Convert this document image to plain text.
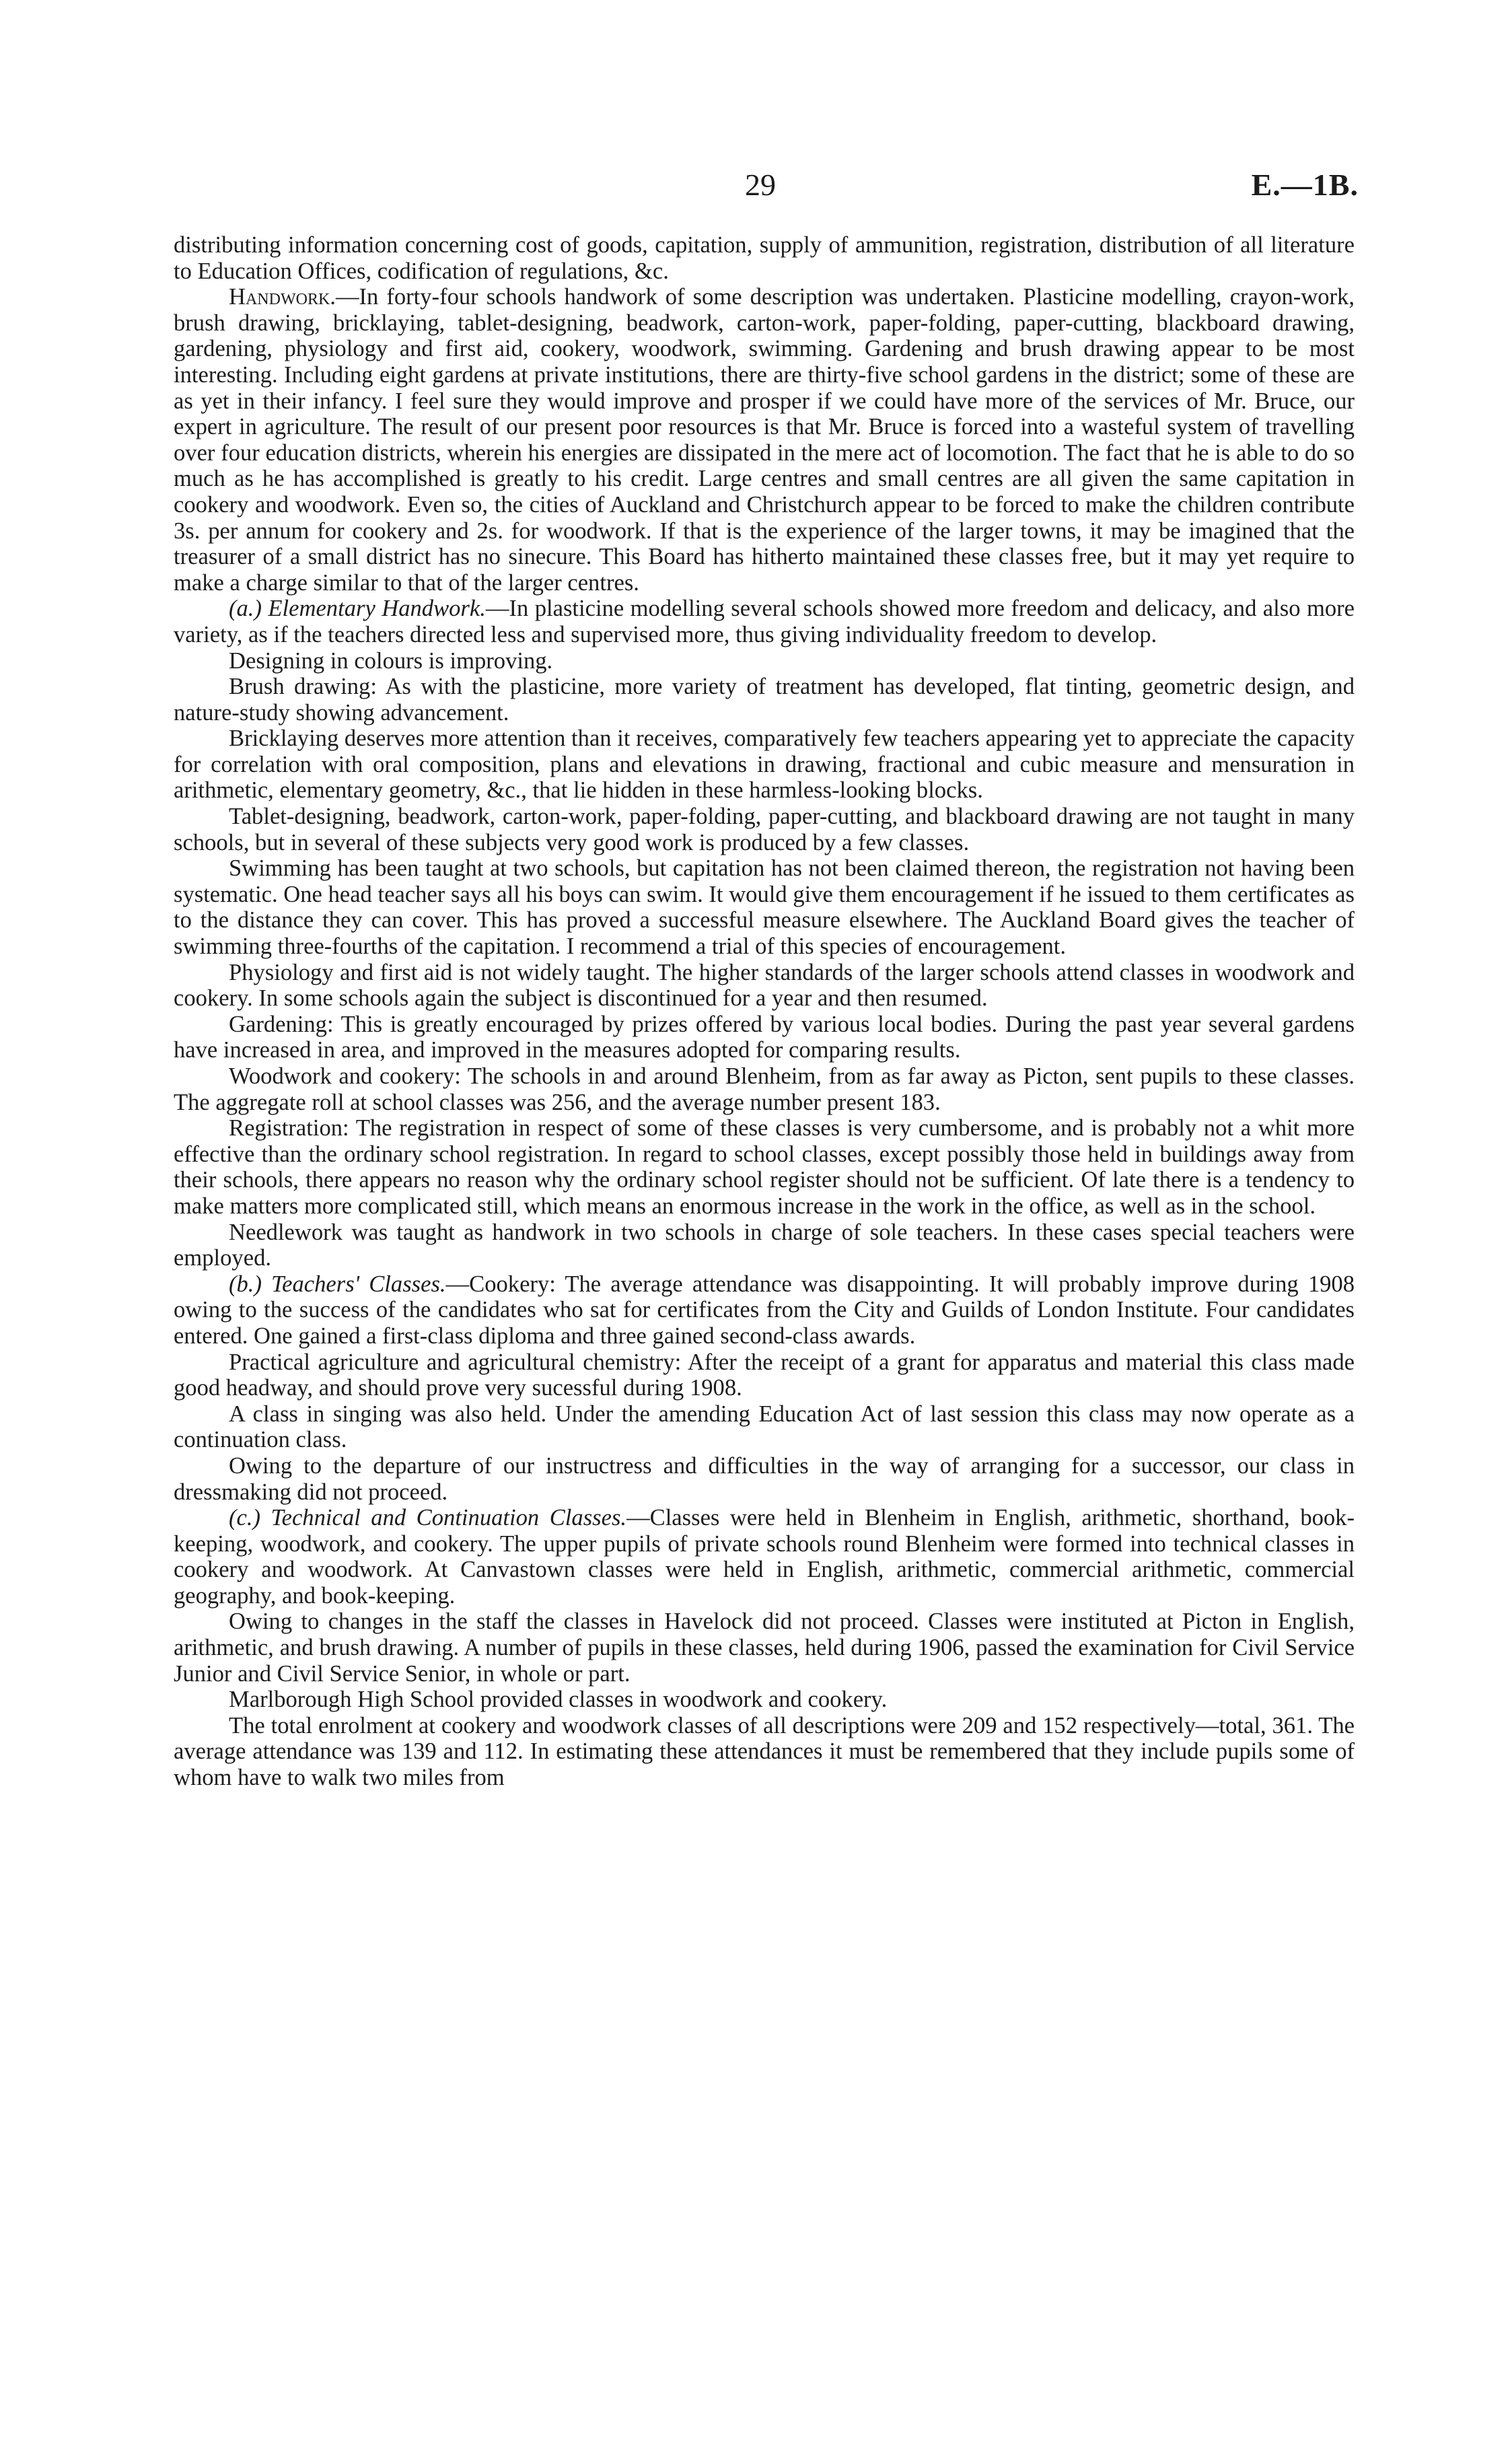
29	E.—1B.

distributing information concerning cost of goods, capitation, supply of ammunition, registration, distribution of all literature to Education Offices, codification of regulations, &c.

Handwork.—In forty-four schools handwork of some description was undertaken. Plasticine modelling, crayon-work, brush drawing, bricklaying, tablet-designing, beadwork, carton-work, paper-folding, paper-cutting, blackboard drawing, gardening, physiology and first aid, cookery, woodwork, swimming. Gardening and brush drawing appear to be most interesting. Including eight gardens at private institutions, there are thirty-five school gardens in the district; some of these are as yet in their infancy. I feel sure they would improve and prosper if we could have more of the services of Mr. Bruce, our expert in agriculture. The result of our present poor resources is that Mr. Bruce is forced into a wasteful system of travelling over four education districts, wherein his energies are dissipated in the mere act of locomotion. The fact that he is able to do so much as he has accomplished is greatly to his credit. Large centres and small centres are all given the same capitation in cookery and woodwork. Even so, the cities of Auckland and Christchurch appear to be forced to make the children contribute 3s. per annum for cookery and 2s. for woodwork. If that is the experience of the larger towns, it may be imagined that the treasurer of a small district has no sinecure. This Board has hitherto maintained these classes free, but it may yet require to make a charge similar to that of the larger centres.

(a.) Elementary Handwork.—In plasticine modelling several schools showed more freedom and delicacy, and also more variety, as if the teachers directed less and supervised more, thus giving individuality freedom to develop.

Designing in colours is improving.

Brush drawing: As with the plasticine, more variety of treatment has developed, flat tinting, geometric design, and nature-study showing advancement.

Bricklaying deserves more attention than it receives, comparatively few teachers appearing yet to appreciate the capacity for correlation with oral composition, plans and elevations in drawing, fractional and cubic measure and mensuration in arithmetic, elementary geometry, &c., that lie hidden in these harmless-looking blocks.

Tablet-designing, beadwork, carton-work, paper-folding, paper-cutting, and blackboard drawing are not taught in many schools, but in several of these subjects very good work is produced by a few classes.

Swimming has been taught at two schools, but capitation has not been claimed thereon, the registration not having been systematic. One head teacher says all his boys can swim. It would give them encouragement if he issued to them certificates as to the distance they can cover. This has proved a successful measure elsewhere. The Auckland Board gives the teacher of swimming three-fourths of the capitation. I recommend a trial of this species of encouragement.

Physiology and first aid is not widely taught. The higher standards of the larger schools attend classes in woodwork and cookery. In some schools again the subject is discontinued for a year and then resumed.

Gardening: This is greatly encouraged by prizes offered by various local bodies. During the past year several gardens have increased in area, and improved in the measures adopted for comparing results.

Woodwork and cookery: The schools in and around Blenheim, from as far away as Picton, sent pupils to these classes. The aggregate roll at school classes was 256, and the average number present 183.

Registration: The registration in respect of some of these classes is very cumbersome, and is probably not a whit more effective than the ordinary school registration. In regard to school classes, except possibly those held in buildings away from their schools, there appears no reason why the ordinary school register should not be sufficient. Of late there is a tendency to make matters more complicated still, which means an enormous increase in the work in the office, as well as in the school.

Needlework was taught as handwork in two schools in charge of sole teachers. In these cases special teachers were employed.

(b.) Teachers' Classes.—Cookery: The average attendance was disappointing. It will probably improve during 1908 owing to the success of the candidates who sat for certificates from the City and Guilds of London Institute. Four candidates entered. One gained a first-class diploma and three gained second-class awards.

Practical agriculture and agricultural chemistry: After the receipt of a grant for apparatus and material this class made good headway, and should prove very sucessful during 1908.

A class in singing was also held. Under the amending Education Act of last session this class may now operate as a continuation class.

Owing to the departure of our instructress and difficulties in the way of arranging for a successor, our class in dressmaking did not proceed.

(c.) Technical and Continuation Classes.—Classes were held in Blenheim in English, arithmetic, shorthand, book-keeping, woodwork, and cookery. The upper pupils of private schools round Blenheim were formed into technical classes in cookery and woodwork. At Canvastown classes were held in English, arithmetic, commercial arithmetic, commercial geography, and book-keeping.

Owing to changes in the staff the classes in Havelock did not proceed. Classes were instituted at Picton in English, arithmetic, and brush drawing. A number of pupils in these classes, held during 1906, passed the examination for Civil Service Junior and Civil Service Senior, in whole or part.

Marlborough High School provided classes in woodwork and cookery.

The total enrolment at cookery and woodwork classes of all descriptions were 209 and 152 respectively—total, 361. The average attendance was 139 and 112. In estimating these attendances it must be remembered that they include pupils some of whom have to walk two miles from
